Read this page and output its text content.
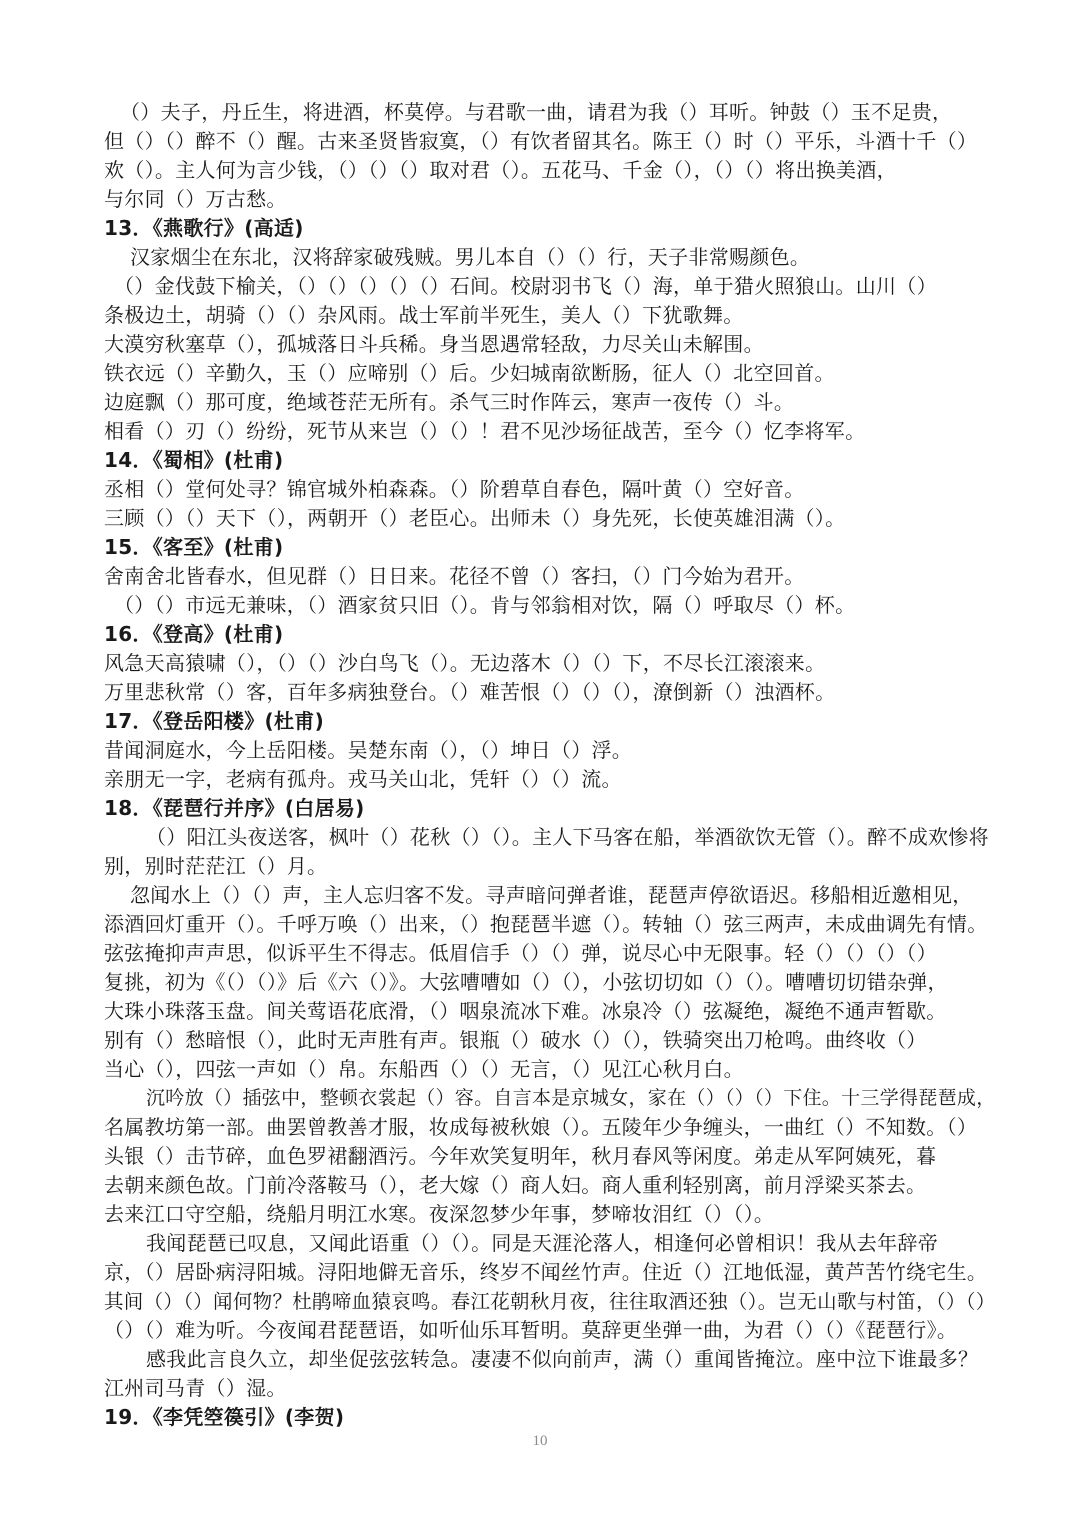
（）夫子，丹丘生，将进酒，杯莫停。与君歌一曲，请君为我（）耳听。钟鼓（）玉不足贵，
但（）（）醉不（）醒。古来圣贤皆寂寞，（）有饮者留其名。陈王（）时（）平乐，斗酒十千（）
欢（）。主人何为言少钱，（）（）（）取对君（）。五花马、千金（），（）（）将出换美酒，
与尔同（）万古愁。
13．《燕歌行》(高适)
汉家烟尘在东北，汉将辞家破残贼。男儿本自（）（）行，天子非常赐颜色。
（）金伐鼓下榆关，（）（）（）（）（）石间。校尉羽书飞（）海，单于猎火照狼山。山川（）
条极边土，胡骑（）（）杂风雨。战士军前半死生，美人（）下犹歌舞。
大漠穷秋塞草（），孤城落日斗兵稀。身当恩遇常轻敌，力尽关山未解围。
铁衣远（）辛勤久，玉（）应啼别（）后。少妇城南欲断肠，征人（）北空回首。
边庭飘（）那可度，绝域苍茫无所有。杀气三时作阵云，寒声一夜传（）斗。
相看（）刃（）纷纷，死节从来岂（）（）！君不见沙场征战苦，至今（）忆李将军。
14．《蜀相》(杜甫)
丞相（）堂何处寻？锦官城外柏森森。（）阶碧草自春色，隔叶黄（）空好音。
三顾（）（）天下（），两朝开（）老臣心。出师未（）身先死，长使英雄泪满（）。
15．《客至》(杜甫)
舍南舍北皆春水，但见群（）日日来。花径不曾（）客扫，（）门今始为君开。
（）（）市远无兼味，（）酒家贫只旧（）。肯与邻翁相对饮，隔（）呼取尽（）杯。
16．《登高》(杜甫)
风急天高猿啸（），（）（）沙白鸟飞（）。无边落木（）（）下，不尽长江滚滚来。
万里悲秋常（）客，百年多病独登台。（）难苦恨（）（）（），潦倒新（）浊酒杯。
17．《登岳阳楼》(杜甫)
昔闻洞庭水，今上岳阳楼。吴楚东南（），（）坤日（）浮。
亲朋无一字，老病有孤舟。戎马关山北，凭轩（）（）流。
18．《琵琶行并序》(白居易)
（）阳江头夜送客，枫叶（）花秋（）（）。主人下马客在船，举酒欲饮无管（）。醉不成欢惨将
别，别时茫茫江（）月。
忽闻水上（）（）声，主人忘归客不发。寻声暗问弹者谁，琵琶声停欲语迟。移船相近邀相见，
添酒回灯重开（）。千呼万唤（）出来，（）抱琵琶半遮（）。转轴（）弦三两声，未成曲调先有情。
弦弦掩抑声声思，似诉平生不得志。低眉信手（）（）弹，说尽心中无限事。轻（）（）（）（）
复挑，初为《（）（）》后《六（）》。大弦嘈嘈如（）（），小弦切切如（）（）。嘈嘈切切错杂弹，
大珠小珠落玉盘。间关莺语花底滑，（）咽泉流冰下难。冰泉冷（）弦凝绝，凝绝不通声暂歇。
别有（）愁暗恨（），此时无声胜有声。银瓶（）破水（）（），铁骑突出刀枪鸣。曲终收（）
当心（），四弦一声如（）帛。东船西（）（）无言，（）见江心秋月白。
沉吟放（）插弦中，整顿衣裳起（）容。自言本是京城女，家在（）（）（）下住。十三学得琵琶成，
名属教坊第一部。曲罢曾教善才服，妆成每被秋娘（）。五陵年少争缠头，一曲红（）不知数。（）
头银（）击节碎，血色罗裙翻酒污。今年欢笑复明年，秋月春风等闲度。弟走从军阿姨死，暮
去朝来颜色故。门前冷落鞍马（），老大嫁（）商人妇。商人重利轻别离，前月浮梁买茶去。
去来江口守空船，绕船月明江水寒。夜深忽梦少年事，梦啼妆泪红（）（）。
我闻琵琶已叹息，又闻此语重（）（）。同是天涯沦落人，相逢何必曾相识！我从去年辞帝
京，（）居卧病浔阳城。浔阳地僻无音乐，终岁不闻丝竹声。住近（）江地低湿，黄芦苦竹绕宅生。
其间（）（）闻何物？杜鹃啼血猿哀鸣。春江花朝秋月夜，往往取酒还独（）。岂无山歌与村笛，（）（）
（）（）难为听。今夜闻君琵琶语，如听仙乐耳暂明。莫辞更坐弹一曲，为君（）（）《琵琶行》。
感我此言良久立，却坐促弦弦转急。凄凄不似向前声，满（）重闻皆掩泣。座中泣下谁最多？
江州司马青（）湿。
19．《李凭箜篌引》(李贺)
10
